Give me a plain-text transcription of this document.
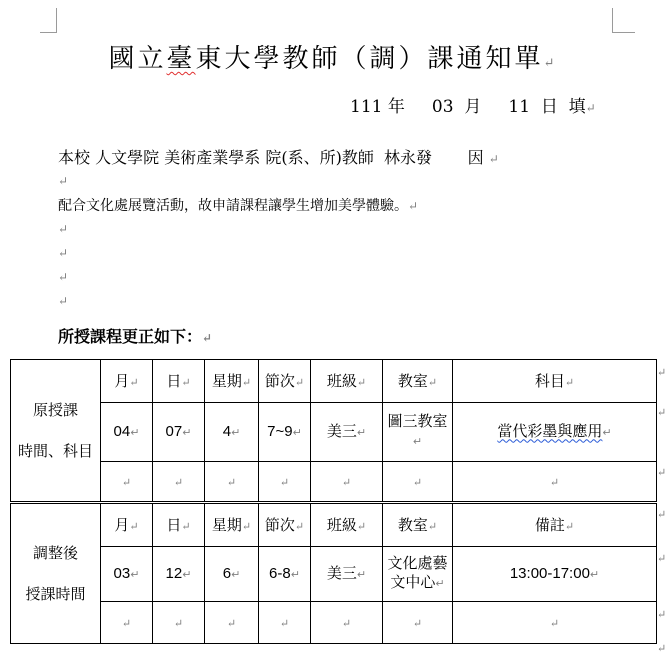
國立臺東大學教師（調）課通知單↵
111 年 03 月 11 日 填↵
本校 人文學院 美術產業學系 院(系、所)教師 林永發 因 ↵
↵
配合文化處展覽活動，故申請課程讓學生增加美學體驗。↵
↵
↵
↵
↵
所授課程更正如下：↵
原授課
時間、科目	月↵	日↵	星期↵	節次↵	班級↵	教室↵	科目↵
	04↵	07↵	4↵	7~9↵	美三↵	圖三教室↵	當代彩墨與應用↵
	↵	↵	↵	↵	↵	↵	↵

調整後
授課時間	月↵	日↵	星期↵	節次↵	班級↵	教室↵	備註↵
	03↵	12↵	6↵	6-8↵	美三↵	文化處藝文中心↵	13:00-17:00↵
	↵	↵	↵	↵	↵	↵	↵
↵
↵
↵
↵
↵
↵
↵
